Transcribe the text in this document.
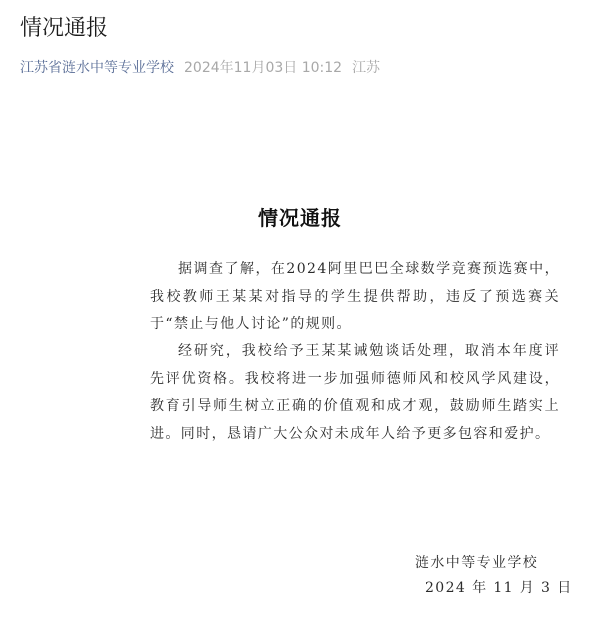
情况通报
江苏省涟水中等专业学校 2024年11月03日 10:12 江苏
情况通报

据调查了解，在2024阿里巴巴全球数学竞赛预选赛中，我校教师王某某对指导的学生提供帮助，违反了预选赛关于“禁止与他人讨论”的规则。

经研究，我校给予王某某诫勉谈话处理，取消本年度评先评优资格。我校将进一步加强师德师风和校风学风建设，教育引导师生树立正确的价值观和成才观，鼓励师生踏实上进。同时，恳请广大公众对未成年人给予更多包容和爱护。

涟水中等专业学校
2024 年 11 月 3 日
